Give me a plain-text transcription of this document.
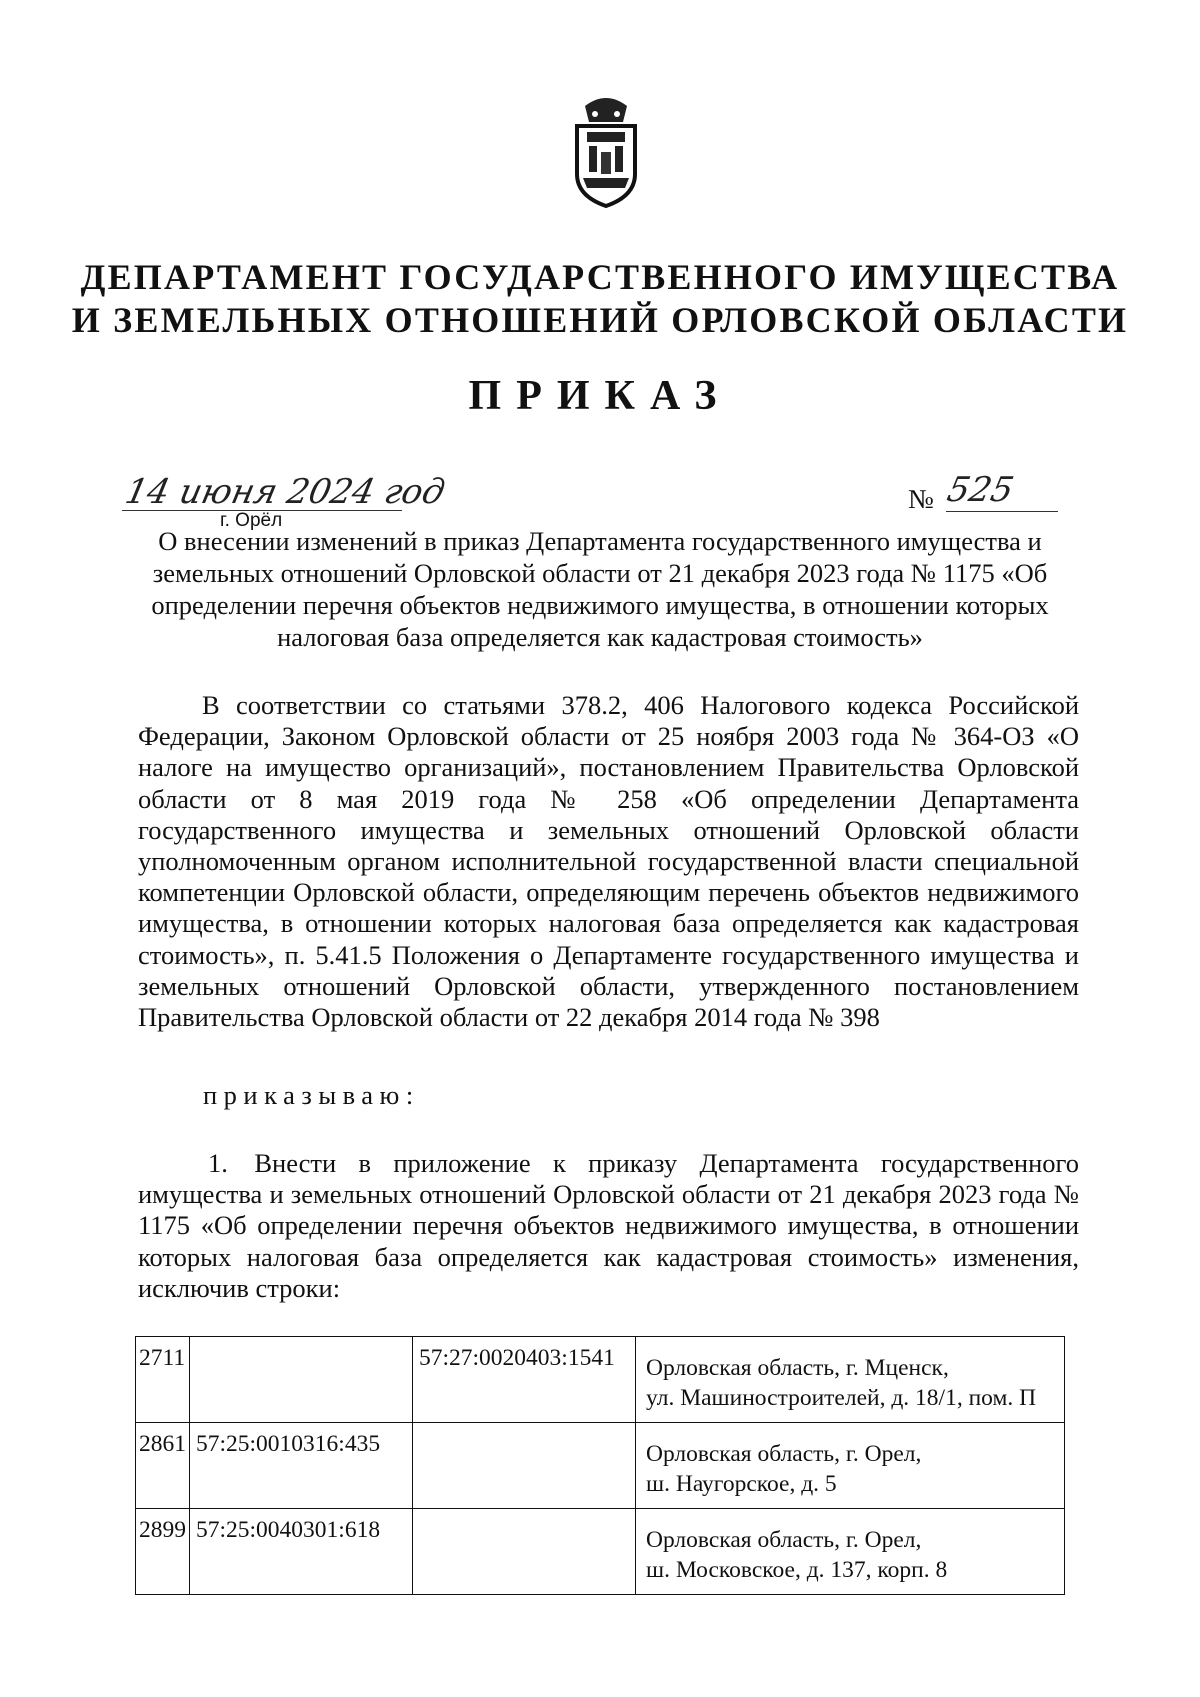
ДЕПАРТАМЕНТ ГОСУДАРСТВЕННОГО ИМУЩЕСТВА
И ЗЕМЕЛЬНЫХ ОТНОШЕНИЙ ОРЛОВСКОЙ ОБЛАСТИ
ПРИКАЗ
14 июня 2024 год
г. Орёл
№ 525
О внесении изменений в приказ Департамента государственного имущества и земельных отношений Орловской области от 21 декабря 2023 года № 1175 «Об определении перечня объектов недвижимого имущества, в отношении которых налоговая база определяется как кадастровая стоимость»
В соответствии со статьями 378.2, 406 Налогового кодекса Российской Федерации, Законом Орловской области от 25 ноября 2003 года № 364-ОЗ «О налоге на имущество организаций», постановлением Правительства Орловской области от 8 мая 2019 года № 258 «Об определении Департамента государственного имущества и земельных отношений Орловской области уполномоченным органом исполнительной государственной власти специальной компетенции Орловской области, определяющим перечень объектов недвижимого имущества, в отношении которых налоговая база определяется как кадастровая стоимость», п. 5.41.5 Положения о Департаменте государственного имущества и земельных отношений Орловской области, утвержденного постановлением Правительства Орловской области от 22 декабря 2014 года № 398
приказываю:
1. Внести в приложение к приказу Департамента государственного имущества и земельных отношений Орловской области от 21 декабря 2023 года № 1175 «Об определении перечня объектов недвижимого имущества, в отношении которых налоговая база определяется как кадастровая стоимость» изменения, исключив строки:
2711		57:27:0020403:1541	Орловская область, г. Мценск,
ул. Машиностроителей, д. 18/1, пом. П

2861	57:25:0010316:435		Орловская область, г. Орел,
ш. Наугорское, д. 5

2899	57:25:0040301:618		Орловская область, г. Орел,
ш. Московское, д. 137, корп. 8
